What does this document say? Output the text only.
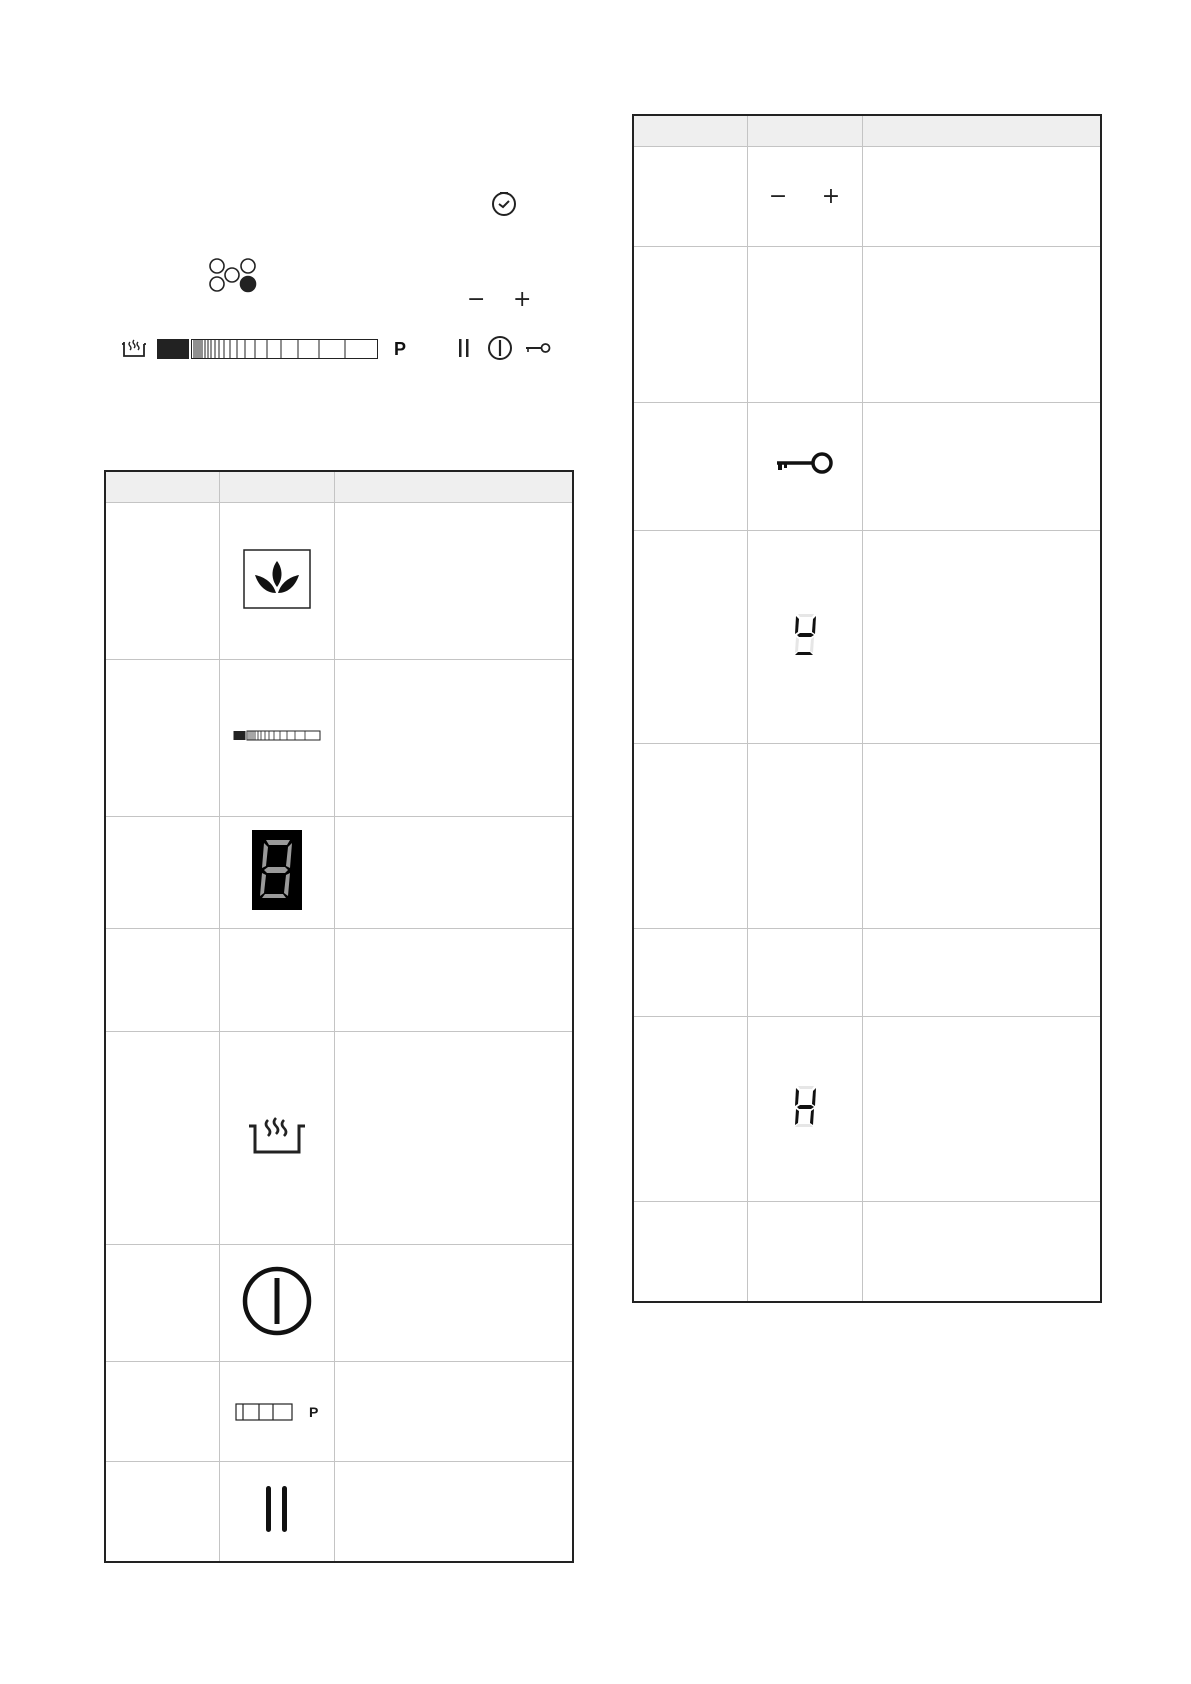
− +
P

	P	

	− +	
